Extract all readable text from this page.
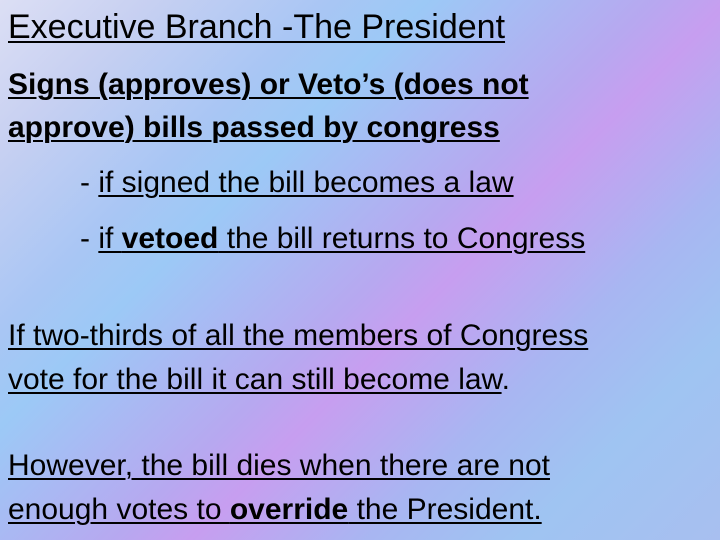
Executive Branch -The President
Signs (approves) or Veto’s (does not
approve) bills passed by congress
- if signed the bill becomes a law
- if vetoed the bill returns to Congress
If two-thirds of all the members of Congress
vote for the bill it can still become law.
However, the bill dies when there are not
enough votes to override the President.
